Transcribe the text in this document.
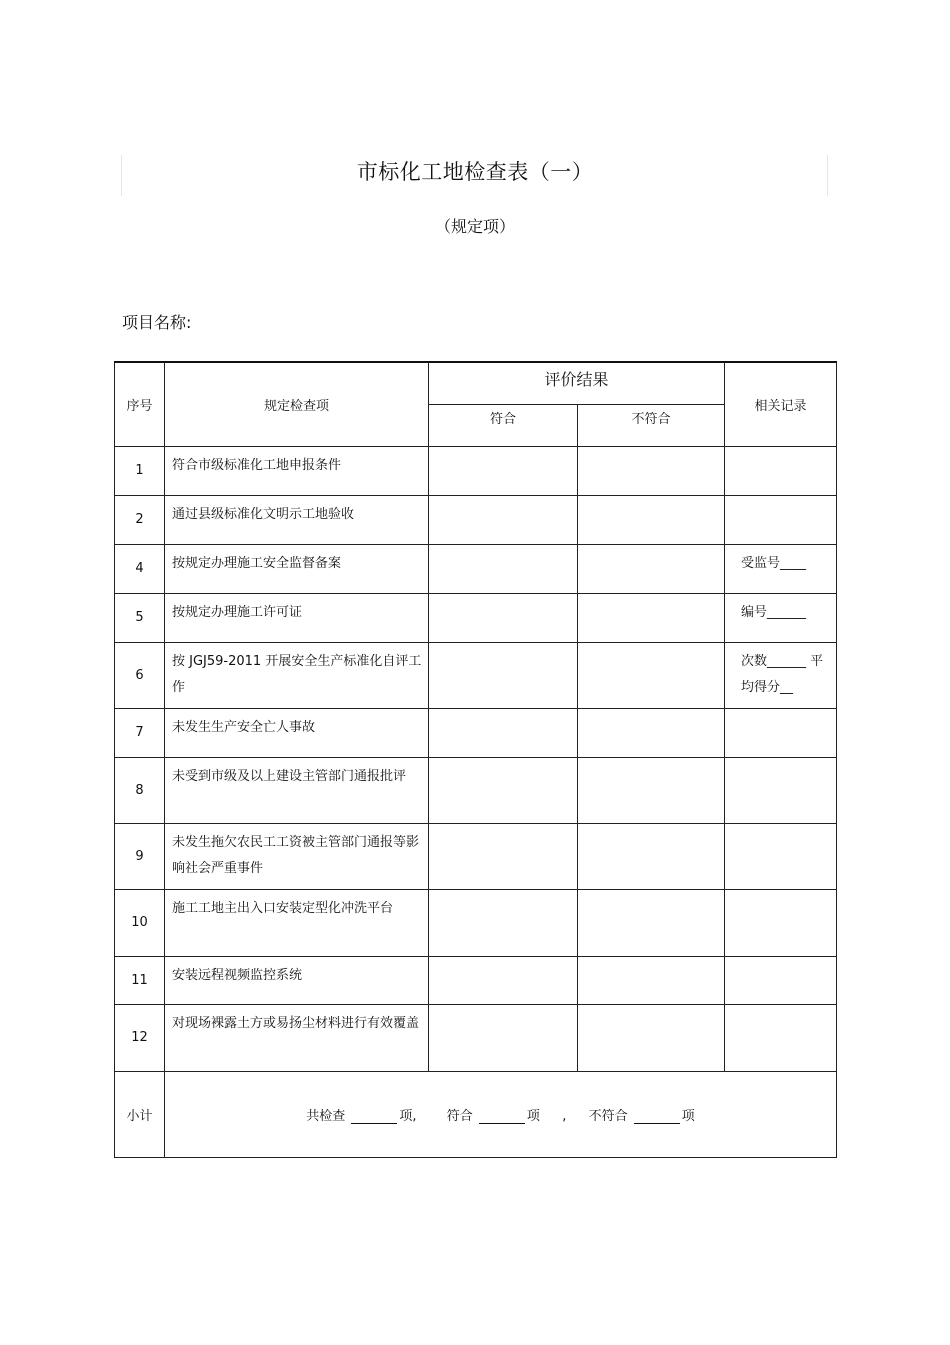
市标化工地检查表（一）
（规定项）
项目名称:
序号	规定检查项	评价结果		相关记录
		符合	不符合	
1	符合市级标准化工地申报条件			
2	通过县级标准化文明示工地验收			
4	按规定办理施工安全监督备案			受监号____
5	按规定办理施工许可证			编号______
6	按 JGJ59-2011 开展安全生产标准化自评工作			次数______ 平均得分__
7	未发生生产安全亡人事故			
8	未受到市级及以上建设主管部门通报批评			
9	未发生拖欠农民工工资被主管部门通报等影响社会严重事件			
10	施工工地主出入口安装定型化冲洗平台			
11	安装远程视频监控系统			
12	对现场裸露土方或易扬尘材料进行有效覆盖			
小计	共检查 项, 符合 项 , 不符合 项			
